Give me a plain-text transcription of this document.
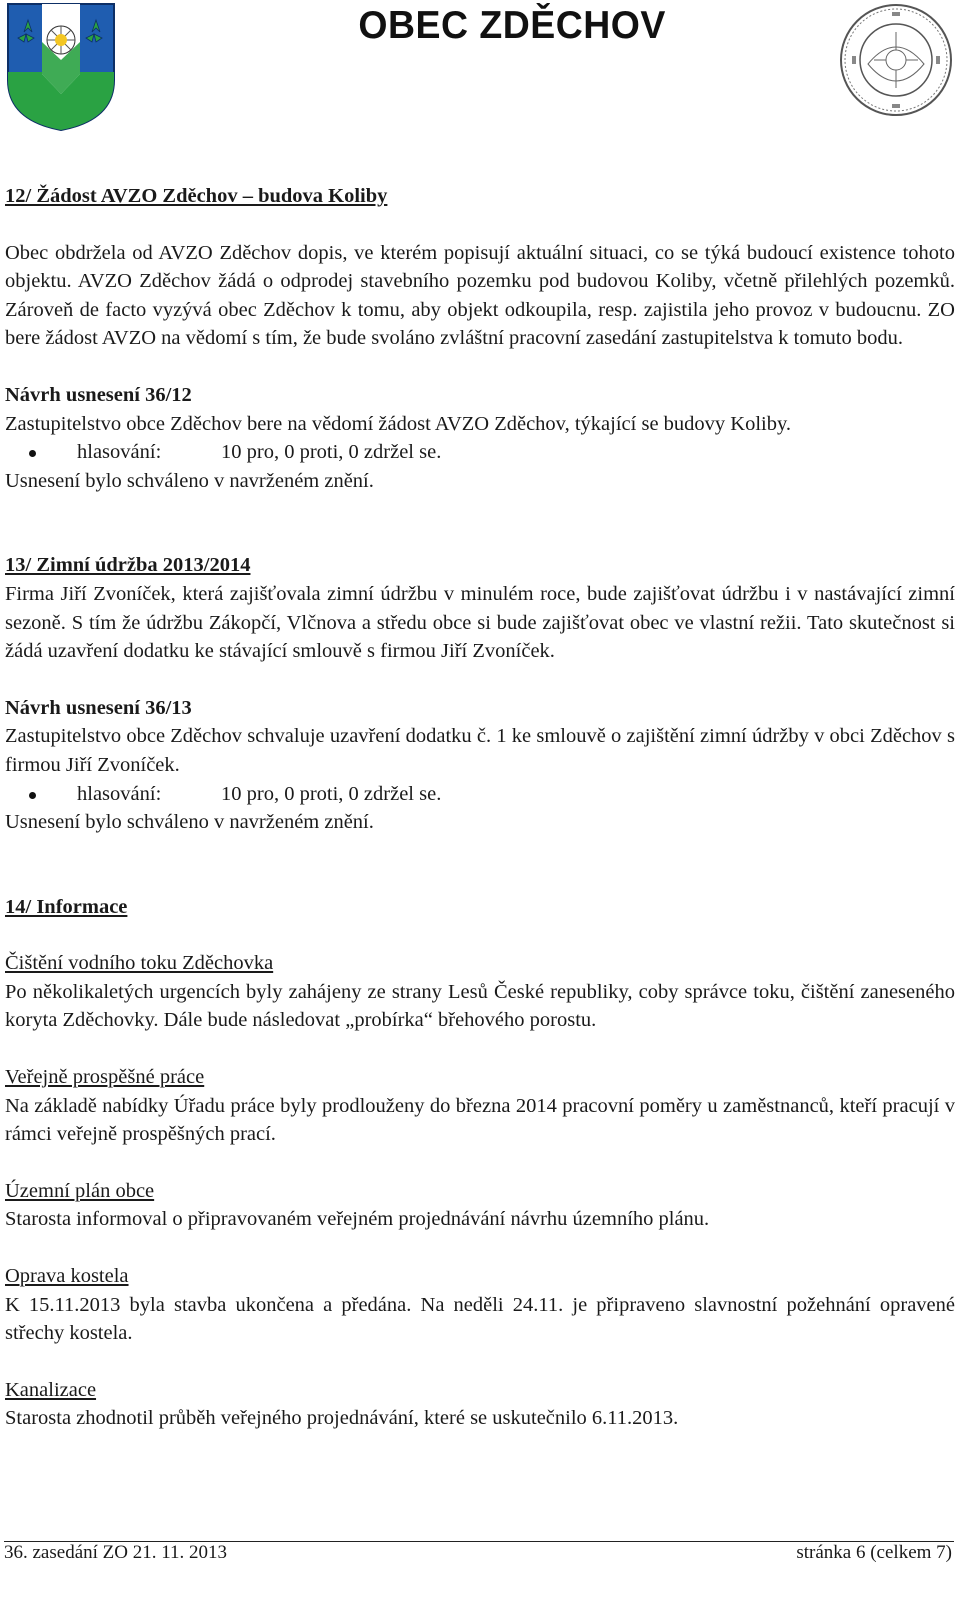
OBEC ZDĚCHOV

12/ Žádost AVZO Zděchov – budova Koliby

Obec obdržela od AVZO Zděchov dopis, ve kterém popisují aktuální situaci, co se týká budoucí existence tohoto objektu. AVZO Zděchov žádá o odprodej stavebního pozemku pod budovou Koliby, včetně přilehlých pozemků. Zároveň de facto vyzývá obec Zděchov k tomu, aby objekt odkoupila, resp. zajistila jeho provoz v budoucnu. ZO bere žádost AVZO na vědomí s tím, že bude svoláno zvláštní pracovní zasedání zastupitelstva k tomuto bodu.

Návrh usnesení 36/12

Zastupitelstvo obce Zděchov bere na vědomí žádost AVZO Zděchov, týkající se budovy Koliby.

hlasování:	10 pro, 0 proti, 0 zdržel se.

Usnesení bylo schváleno v navrženém znění.

13/ Zimní údržba 2013/2014

Firma Jiří Zvoníček, která zajišťovala zimní údržbu v minulém roce, bude zajišťovat údržbu i v nastávající zimní sezoně. S tím že údržbu Zákopčí, Vlčnova a středu obce si bude zajišťovat obec ve vlastní režii. Tato skutečnost si žádá uzavření dodatku ke stávající smlouvě s firmou Jiří Zvoníček.

Návrh usnesení 36/13

Zastupitelstvo obce Zděchov schvaluje uzavření dodatku č. 1 ke smlouvě o zajištění zimní údržby v obci Zděchov s firmou Jiří Zvoníček.

hlasování:	10 pro, 0 proti, 0 zdržel se.

Usnesení bylo schváleno v navrženém znění.

14/ Informace

Čištění vodního toku Zděchovka

Po několikaletých urgencích byly zahájeny ze strany Lesů České republiky, coby správce toku, čištění zaneseného koryta Zděchovky. Dále bude následovat „probírka“ břehového porostu.

Veřejně prospěšné práce

Na základě nabídky Úřadu práce byly prodlouženy do března 2014 pracovní poměry u zaměstnanců, kteří pracují v rámci veřejně prospěšných prací.

Územní plán obce

Starosta informoval o připravovaném veřejném projednávání návrhu územního plánu.

Oprava kostela

K 15.11.2013 byla stavba ukončena a předána. Na neděli 24.11. je připraveno slavnostní požehnání opravené střechy kostela.

Kanalizace

Starosta zhodnotil průběh veřejného projednávání, které se uskutečnilo 6.11.2013.

36. zasedání ZO 21. 11. 2013	stránka 6 (celkem 7)
